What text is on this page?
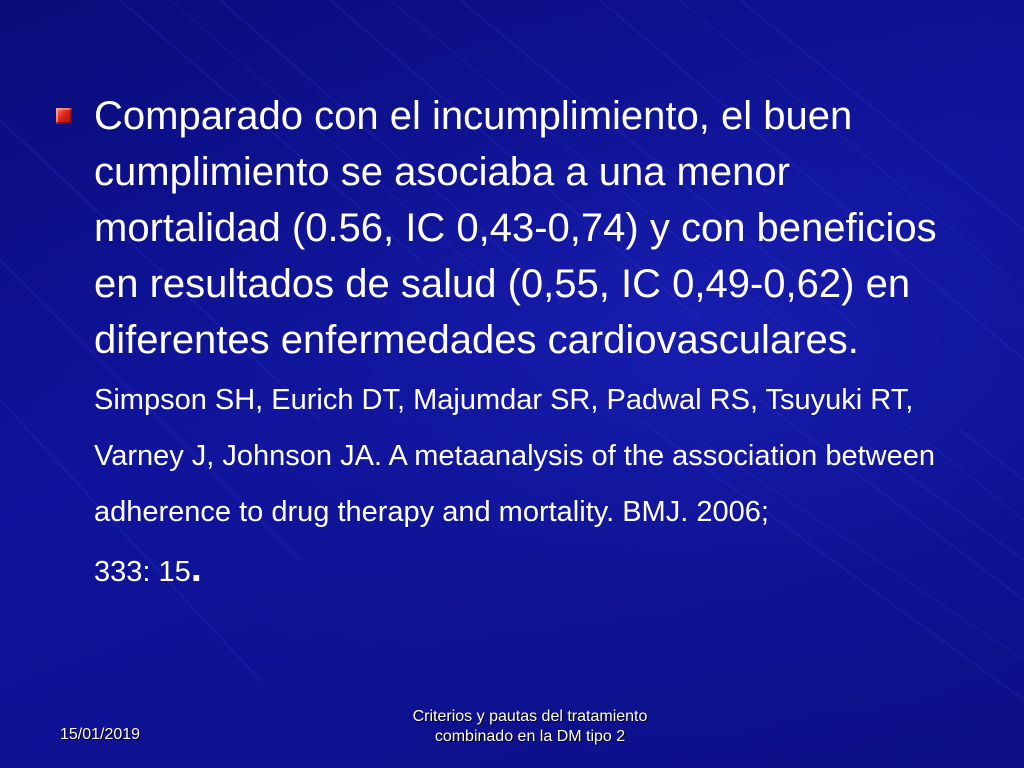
Comparado con el incumplimiento, el buen cumplimiento se asociaba a una menor mortalidad (0.56, IC 0,43-0,74) y con beneficios en resultados de salud (0,55, IC 0,49-0,62) en diferentes enfermedades cardiovasculares. Simpson SH, Eurich DT, Majumdar SR, Padwal RS, Tsuyuki RT, Varney J, Johnson JA. A metaanalysis of the association between adherence to drug therapy and mortality. BMJ. 2006;

333: 15.
15/01/2019
Criterios y pautas del tratamiento
combinado en la DM tipo 2
